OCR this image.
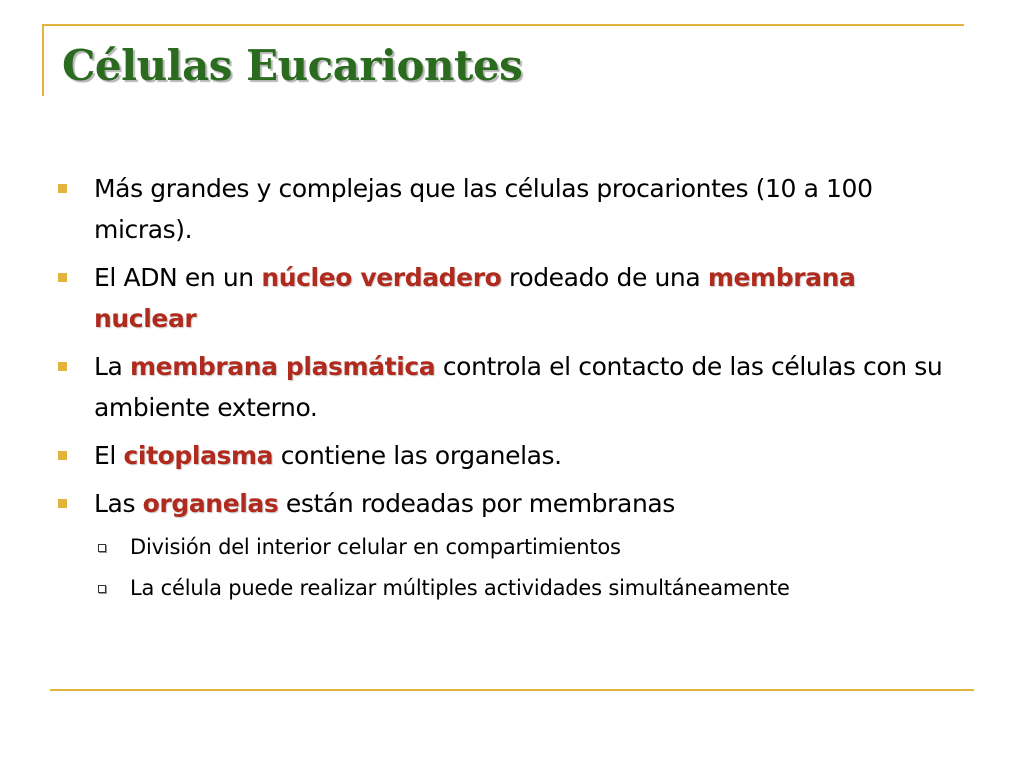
Células Eucariontes
Más grandes y complejas que las células procariontes (10 a 100 micras).
El ADN en un núcleo verdadero rodeado de una membrana nuclear
La membrana plasmática controla el contacto de las células con su ambiente externo.
El citoplasma contiene las organelas.
Las organelas están rodeadas por membranas
División del interior celular en compartimientos
La célula puede realizar múltiples actividades simultáneamente
